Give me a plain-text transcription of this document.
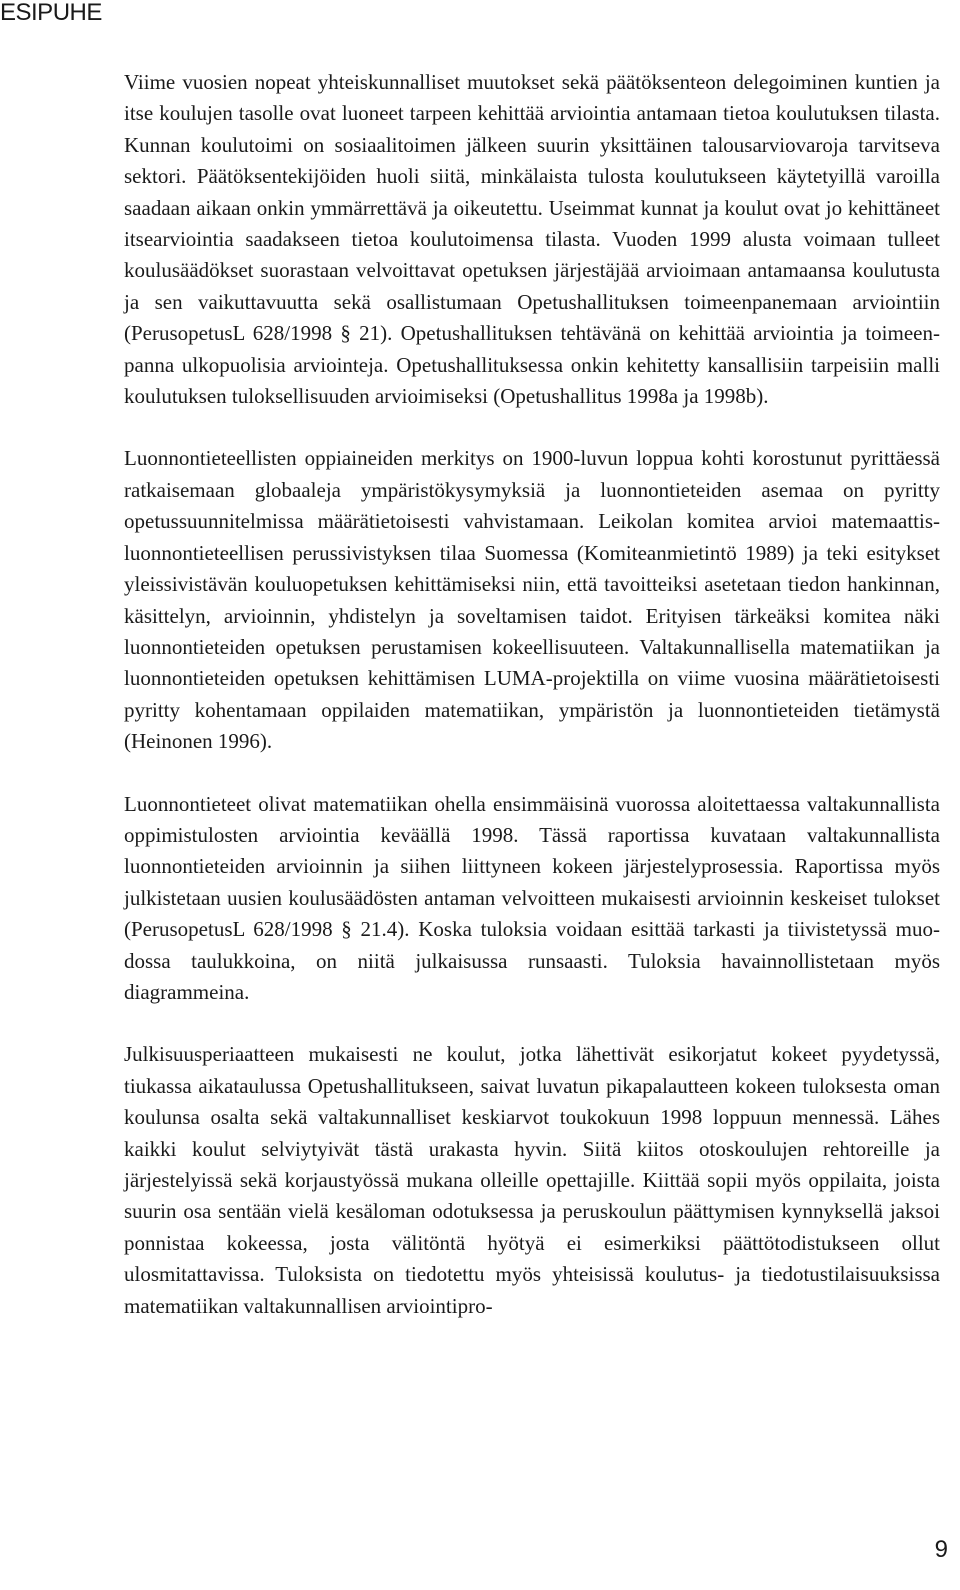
ESIPUHE

Viime vuosien nopeat yhteiskunnalliset muutokset sekä päätöksenteon delegoiminen kuntien ja itse koulujen tasolle ovat luoneet tarpeen kehittää arviointia antamaan tietoa koulutuksen tilasta. Kunnan koulutoimi on sosiaalitoimen jälkeen suurin yksittäinen talousarviovaroja tarvitseva sektori. Päätöksentekijöiden huoli siitä, minkälaista tulosta koulutukseen käytetyillä varoilla saadaan aikaan onkin ymmärrettävä ja oikeutettu. Useimmat kunnat ja koulut ovat jo kehittäneet itsearviointia saadakseen tietoa koulutoimensa tilasta. Vuoden 1999 alusta voimaan tulleet koulusäädökset suorastaan velvoittavat opetuksen järjestäjää arvioimaan antamaansa koulutusta ja sen vaikuttavuutta sekä osallistumaan Opetushallituksen toimeenpanemaan arviointiin (PerusopetusL 628/1998 § 21). Opetushallituksen tehtävänä on kehittää arviointia ja toimeenpanna ulkopuolisia arviointeja. Opetushallituksessa onkin kehitetty kansallisiin tarpeisiin malli koulutuksen tuloksellisuuden arvioimiseksi (Opetushallitus 1998a ja 1998b).

Luonnontieteellisten oppiaineiden merkitys on 1900-luvun loppua kohti korostunut pyrittäessä ratkaisemaan globaaleja ympäristökysymyksiä ja luonnontieteiden asemaa on pyritty opetussuunnitelmissa määrätietoisesti vahvistamaan. Leikolan komitea arvioi matemaattis-luonnontieteellisen perussivistyksen tilaa Suomessa (Komiteanmietintö 1989) ja teki esitykset yleissivistävän kouluopetuksen kehittämiseksi niin, että tavoitteiksi asetetaan tiedon hankinnan, käsittelyn, arvioinnin, yhdistelyn ja soveltamisen taidot. Erityisen tärkeäksi komitea näki luonnontieteiden opetuksen perustamisen kokeellisuuteen. Valtakunnallisella matematiikan ja luonnontieteiden opetuksen kehittämisen LUMA-projektilla on viime vuosina määrätietoisesti pyritty kohentamaan oppilaiden matematiikan, ympäristön ja luonnontieteiden tietämystä (Heinonen 1996).

Luonnontieteet olivat matematiikan ohella ensimmäisinä vuorossa aloitettaessa valtakunnallista oppimistulosten arviointia keväällä 1998. Tässä raportissa kuvataan valtakunnallista luonnontieteiden arvioinnin ja siihen liittyneen kokeen järjestelyprosessia. Raportissa myös julkistetaan uusien koulusäädösten antaman velvoitteen mukaisesti arvioinnin keskeiset tulokset (PerusopetusL 628/1998 § 21.4). Koska tuloksia voidaan esittää tarkasti ja tiivistetyssä muodossa taulukkoina, on niitä julkaisussa runsaasti. Tuloksia havainnollistetaan myös diagrammeina.

Julkisuusperiaatteen mukaisesti ne koulut, jotka lähettivät esikorjatut kokeet pyydetyssä, tiukassa aikataulussa Opetushallitukseen, saivat luvatun pikapalautteen kokeen tuloksesta oman koulunsa osalta sekä valtakunnalliset keskiarvot toukokuun 1998 loppuun mennessä. Lähes kaikki koulut selviytyivät tästä urakasta hyvin. Siitä kiitos otoskoulujen rehtoreille ja järjestelyissä sekä korjaustyössä mukana olleille opettajille. Kiittää sopii myös oppilaita, joista suurin osa sentään vielä kesäloman odotuksessa ja peruskoulun päättymisen kynnyksellä jaksoi ponnistaa kokeessa, josta välitöntä hyötyä ei esimerkiksi päättötodistukseen ollut ulosmitattavissa. Tuloksista on tiedotettu myös yhteisissä koulutus- ja tiedotustilaisuuksissa matematiikan valtakunnallisen arviointipro-

9
